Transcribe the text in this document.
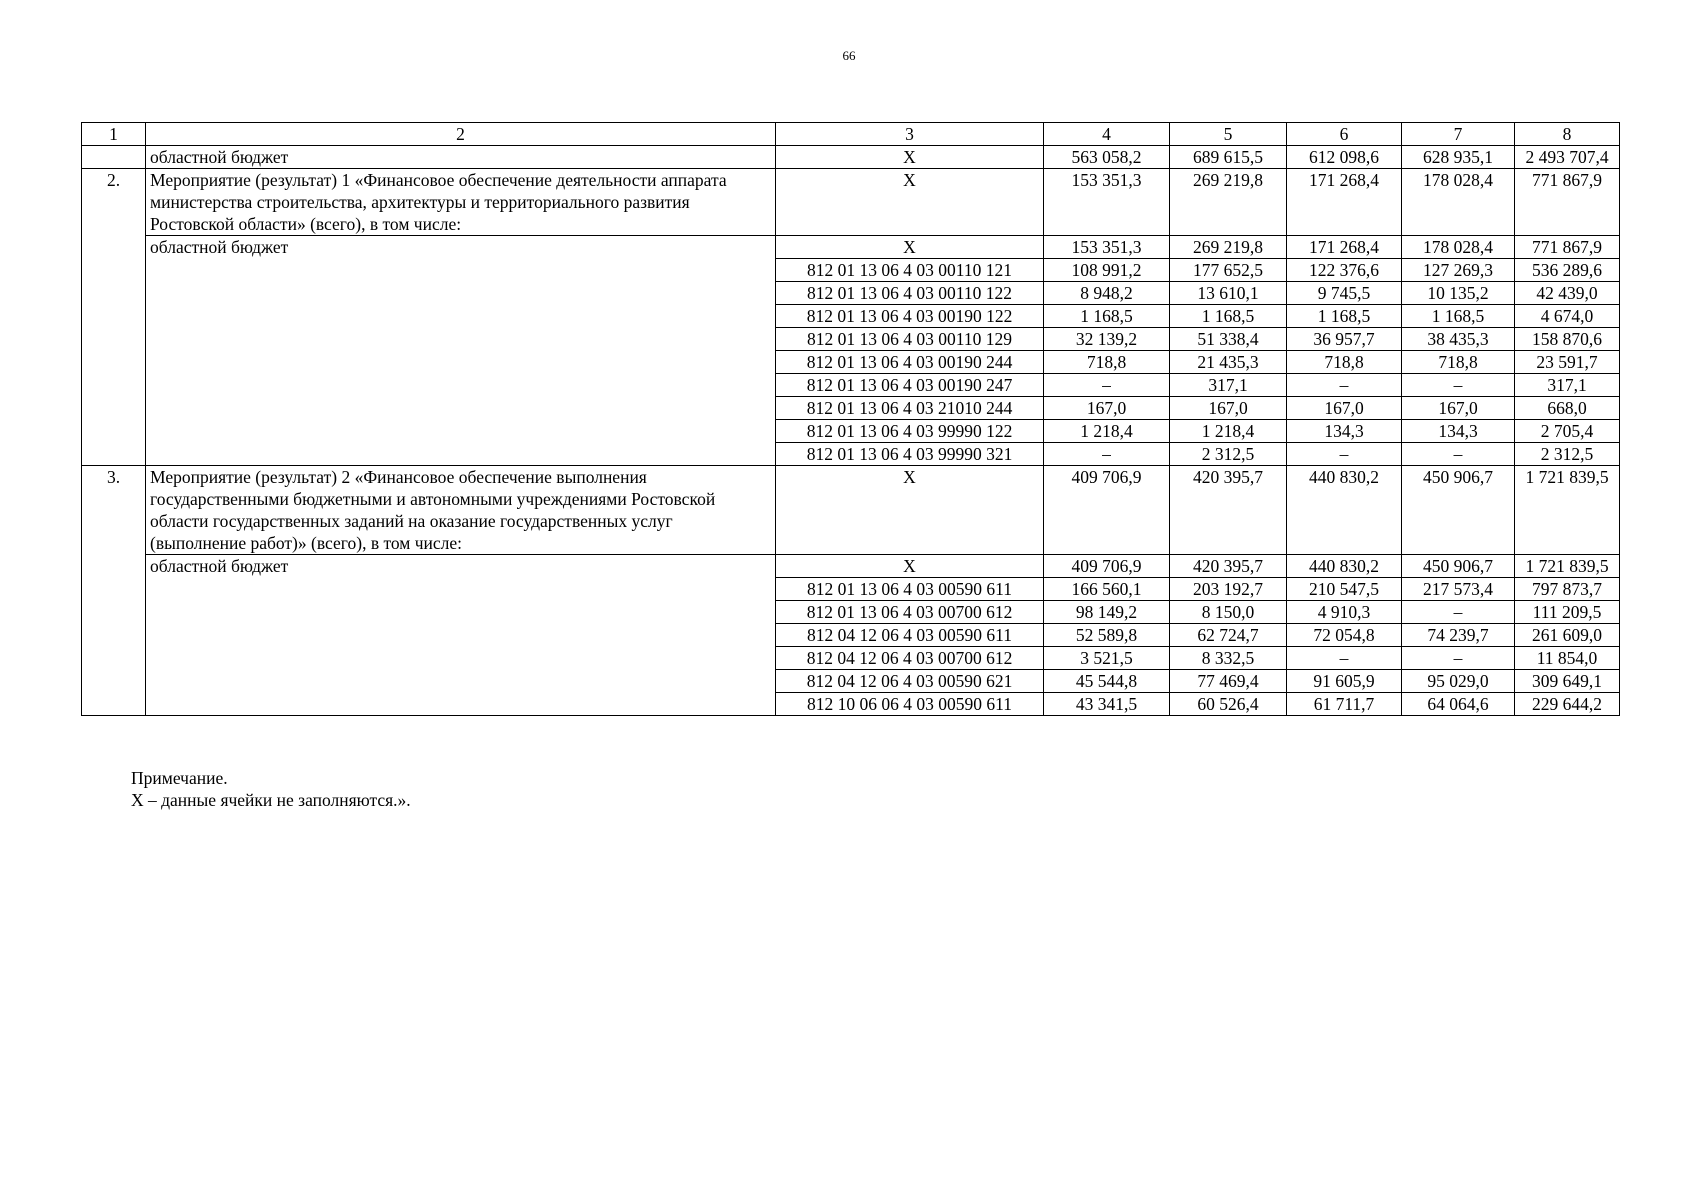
66
1	2	3	4	5	6	7	8
	областной бюджет	Х	563 058,2	689 615,5	612 098,6	628 935,1	2 493 707,4
2.	Мероприятие (результат) 1 «Финансовое обеспечение деятельности аппарата министерства строительства, архитектуры и территориального развития Ростовской области» (всего), в том числе:	Х	153 351,3	269 219,8	171 268,4	178 028,4	771 867,9
	областной бюджет	Х	153 351,3	269 219,8	171 268,4	178 028,4	771 867,9
		812 01 13 06 4 03 00110 121	108 991,2	177 652,5	122 376,6	127 269,3	536 289,6
		812 01 13 06 4 03 00110 122	8 948,2	13 610,1	9 745,5	10 135,2	42 439,0
		812 01 13 06 4 03 00190 122	1 168,5	1 168,5	1 168,5	1 168,5	4 674,0
		812 01 13 06 4 03 00110 129	32 139,2	51 338,4	36 957,7	38 435,3	158 870,6
		812 01 13 06 4 03 00190 244	718,8	21 435,3	718,8	718,8	23 591,7
		812 01 13 06 4 03 00190 247	–	317,1	–	–	317,1
		812 01 13 06 4 03 21010 244	167,0	167,0	167,0	167,0	668,0
		812 01 13 06 4 03 99990 122	1 218,4	1 218,4	134,3	134,3	2 705,4
		812 01 13 06 4 03 99990 321	–	2 312,5	–	–	2 312,5
3.	Мероприятие (результат) 2 «Финансовое обеспечение выполнения государственными бюджетными и автономными учреждениями Ростовской области государственных заданий на оказание государственных услуг (выполнение работ)» (всего), в том числе:	Х	409 706,9	420 395,7	440 830,2	450 906,7	1 721 839,5
	областной бюджет	Х	409 706,9	420 395,7	440 830,2	450 906,7	1 721 839,5
		812 01 13 06 4 03 00590 611	166 560,1	203 192,7	210 547,5	217 573,4	797 873,7
		812 01 13 06 4 03 00700 612	98 149,2	8 150,0	4 910,3	–	111 209,5
		812 04 12 06 4 03 00590 611	52 589,8	62 724,7	72 054,8	74 239,7	261 609,0
		812 04 12 06 4 03 00700 612	3 521,5	8 332,5	–	–	11 854,0
		812 04 12 06 4 03 00590 621	45 544,8	77 469,4	91 605,9	95 029,0	309 649,1
		812 10 06 06 4 03 00590 611	43 341,5	60 526,4	61 711,7	64 064,6	229 644,2
Примечание.
Х – данные ячейки не заполняются.».
